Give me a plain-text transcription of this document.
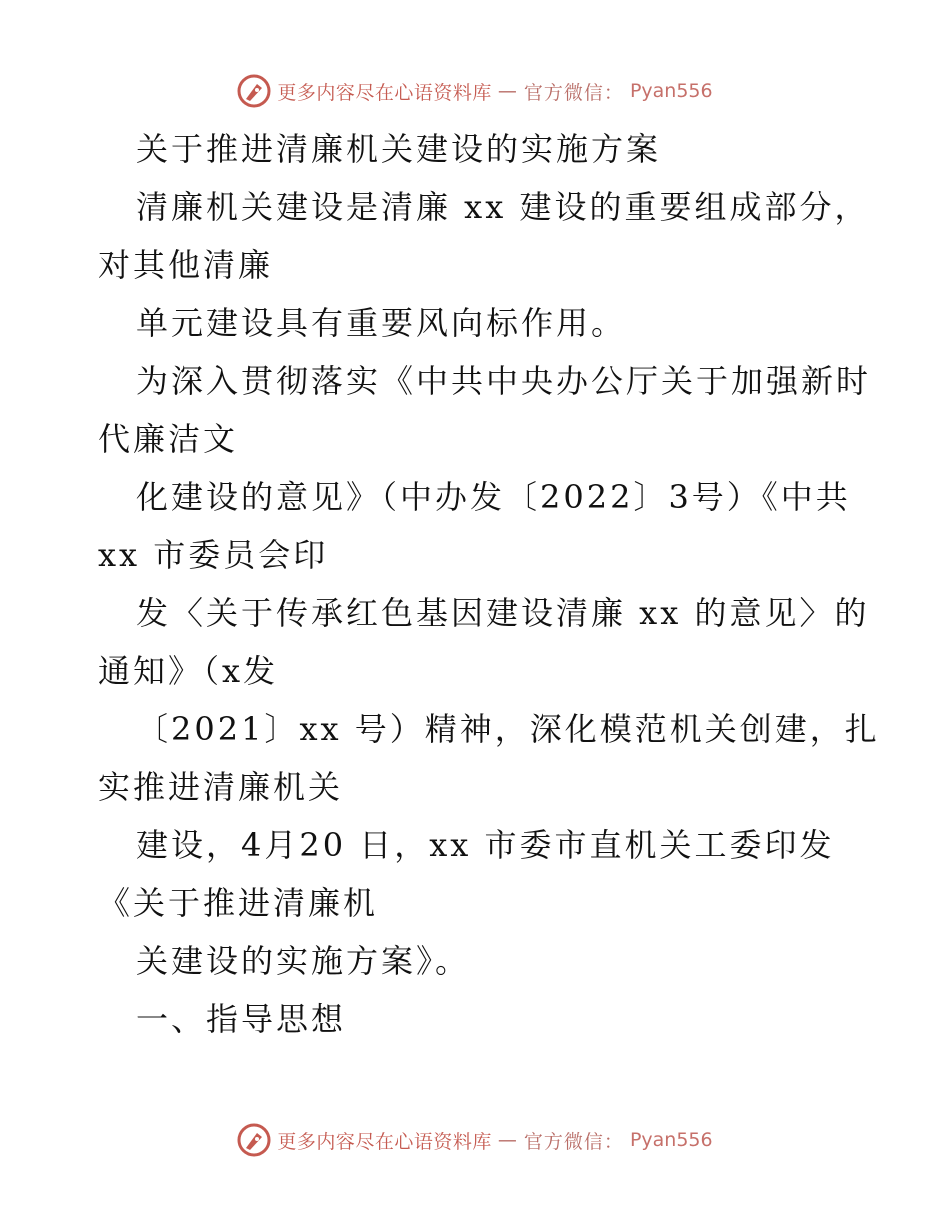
更多内容尽在心语资料库 — 官方微信： Pyan556
关于推进清廉机关建设的实施方案
清廉机关建设是清廉 xx 建设的重要组成部分，
对其他清廉
单元建设具有重要风向标作用。
为深入贯彻落实《中共中央办公厅关于加强新时
代廉洁文
化建设的意见》（中办发〔2022〕3号）《中共
xx 市委员会印
发〈关于传承红色基因建设清廉 xx 的意见〉的
通知》（x发
〔2021〕xx 号）精神，深化模范机关创建，扎
实推进清廉机关
建设，4月20 日，xx 市委市直机关工委印发
《关于推进清廉机
关建设的实施方案》。
一、指导思想
更多内容尽在心语资料库 — 官方微信： Pyan556
